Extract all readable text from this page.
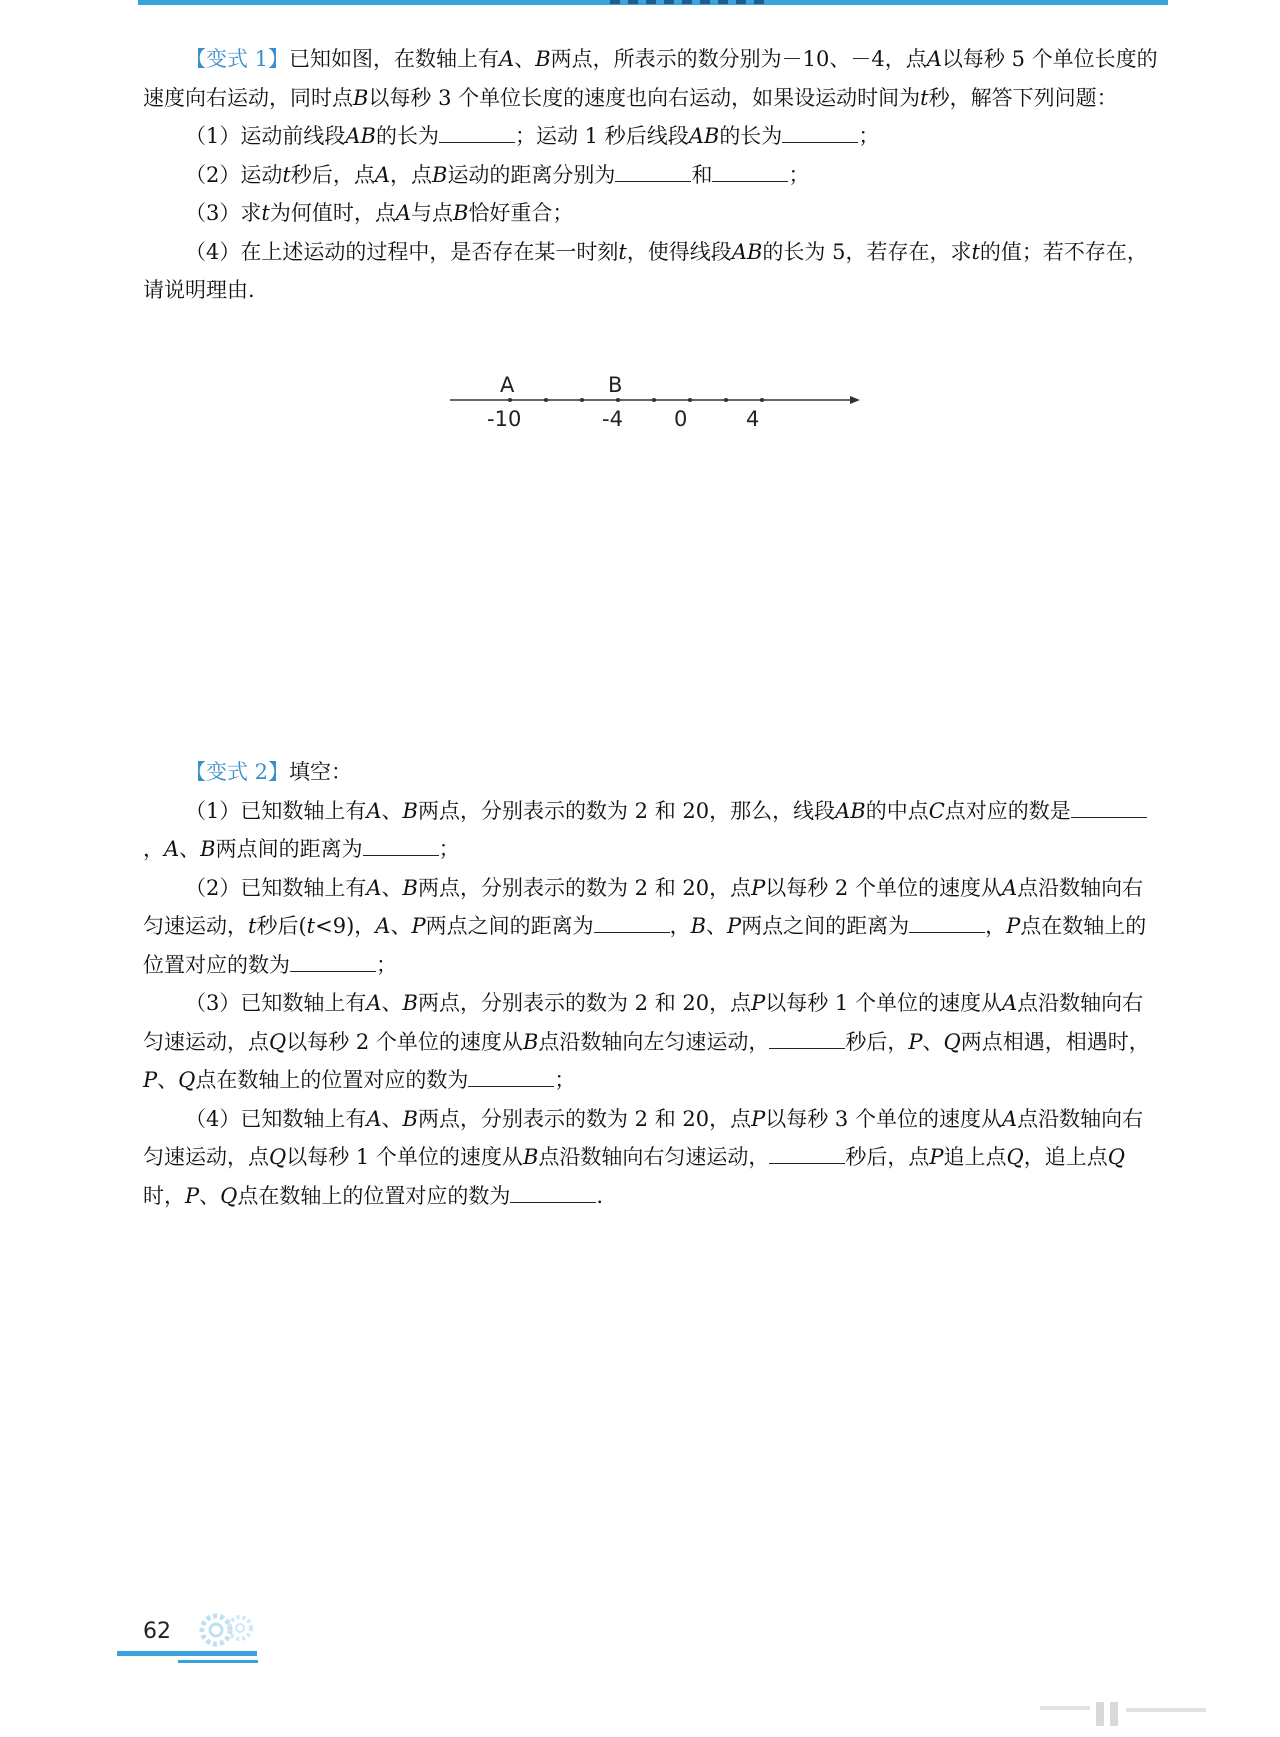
【变式 1】已知如图，在数轴上有A、B两点，所表示的数分别为－10、－4，点A以每秒 5 个单位长度的速度向右运动，同时点B以每秒 3 个单位长度的速度也向右运动，如果设运动时间为t秒，解答下列问题：

（1）运动前线段AB的长为	；运动 1 秒后线段AB的长为	；

（2）运动t秒后，点A，点B运动的距离分别为	和	；

（3）求t为何值时，点A与点B恰好重合；

（4）在上述运动的过程中，是否存在某一时刻t，使得线段AB的长为 5，若存在，求t的值；若不存在，请说明理由.

A	B
-10	-4 0	4

【变式 2】填空：

（1）已知数轴上有A、B两点，分别表示的数为 2 和 20，那么，线段AB的中点C点对应的数是，A、B两点间的距离为	；

（2）已知数轴上有A、B两点，分别表示的数为 2 和 20，点P以每秒 2 个单位的速度从A点沿数轴向右匀速运动，t秒后(t<9)，A、P两点之间的距离为	，B、P两点之间的距离为	，P点在数轴上的位置对应的数为	；

（3）已知数轴上有A、B两点，分别表示的数为 2 和 20，点P以每秒 1 个单位的速度从A点沿数轴向右匀速运动，点Q以每秒 2 个单位的速度从B点沿数轴向左匀速运动，	秒后，P、Q两点相遇，相遇时，P、Q点在数轴上的位置对应的数为	；

（4）已知数轴上有A、B两点，分别表示的数为 2 和 20，点P以每秒 3 个单位的速度从A点沿数轴向右匀速运动，点Q以每秒 1 个单位的速度从B点沿数轴向右匀速运动，	秒后，点P追上点Q，追上点Q时，P、Q点在数轴上的位置对应的数为	.

62
